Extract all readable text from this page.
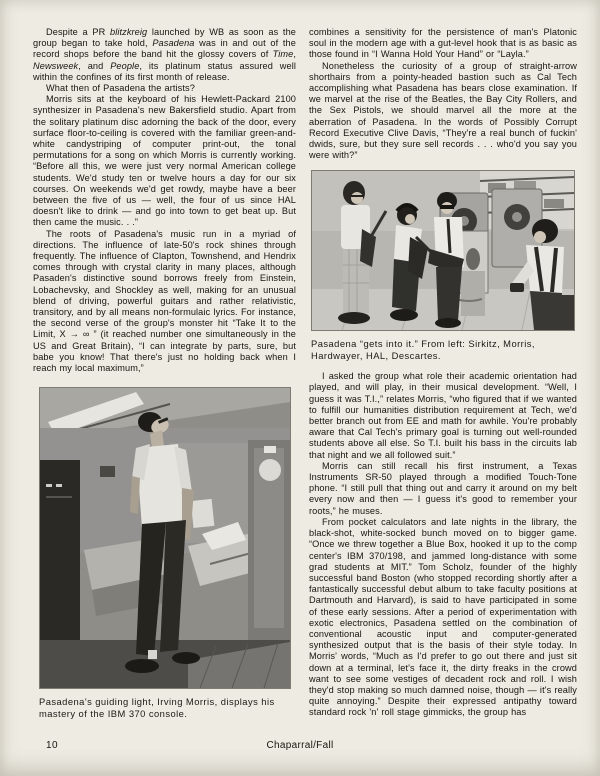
Despite a PR blitzkreig launched by WB as soon as the group began to take hold, Pasadena was in and out of the record shops before the band hit the glossy covers of Time, Newsweek, and People, its platinum status assured well within the confines of its first month of release.

What then of Pasadena the artists?

Morris sits at the keyboard of his Hewlett-Packard 2100 synthesizer in Pasadena's new Bakersfield studio. Apart from the solitary platinum disc adorning the back of the door, every surface floor-to-ceiling is covered with the familiar green-and-white candystriping of computer print-out, the tonal permutations for a song on which Morris is currently working. “Before all this, we were just very normal American college students. We'd study ten or twelve hours a day for our six courses. On weekends we'd get rowdy, maybe have a beer between the five of us — well, the four of us since HAL doesn't like to drink — and go into town to get beat up. But then came the music. . .”

The roots of Pasadena's music run in a myriad of directions. The influence of late-50's rock shines through frequently. The influence of Clapton, Townshend, and Hendrix comes through with crystal clarity in many places, although Pasaden's distinctive sound borrows freely from Einstein, Lobachevsky, and Shockley as well, making for an unusual blend of driving, powerful guitars and rather relativistic, transitory, and by all means non-formulaic lyrics. For instance, the second verse of the group's monster hit “Take It to the Limit, X → ∞ ” (it reached number one simultaneously in the US and Great Britain), “I can integrate by parts, sure, but babe you know! That there's just no holding back when I reach my local maximum,”

Pasadena's guiding light, Irving Morris, displays his mastery of the IBM 370 console.

combines a sensitivity for the persistence of man's Platonic soul in the modern age with a gut-level hook that is as basic as those found in “I Wanna Hold Your Hand” or “Layla.”

Nonetheless the curiosity of a group of straight-arrow shorthairs from a pointy-headed bastion such as Cal Tech accomplishing what Pasadena has bears close examination. If we marvel at the rise of the Beatles, the Bay City Rollers, and the Sex Pistols, we should marvel all the more at the aberration of Pasadena. In the words of Possibly Corrupt Record Executive Clive Davis, “They're a real bunch of fuckin' dwids, sure, but they sure sell records . . . who'd you say you were with?”

Pasadena “gets into it.” From left: Sirkitz, Morris, Hardwayer, HAL, Descartes.

I asked the group what role their academic orientation had played, and will play, in their musical development. “Well, I guess it was T.I.,” relates Morris, “who figured that if we wanted to fulfill our humanities distribution requirement at Tech, we'd better branch out from EE and math for awhile. You're probably aware that Cal Tech's primary goal is turning out well-rounded students above all else. So T.I. built his bass in the circuits lab that night and we all followed suit.”

Morris can still recall his first instrument, a Texas Instruments SR-50 played through a modified Touch-Tone phone. “I still pull that thing out and carry it around on my belt every now and then — I guess it's good to remember your roots,” he muses.

From pocket calculators and late nights in the library, the black-shot, white-socked bunch moved on to bigger game. “Once we threw together a Blue Box, hooked it up to the comp center's IBM 370/198, and jammed long-distance with some grad students at MIT.” Tom Scholz, founder of the highly successful band Boston (who stopped recording shortly after a fantastically successful debut album to take faculty positions at Dartmouth and Harvard), is said to have participated in some of these early sessions. After a period of experimentation with exotic electronics, Pasadena settled on the combination of conventional acoustic input and computer-generated synthesized output that is the basis of their style today. In Morris' words, “Much as I'd prefer to go out there and just sit down at a terminal, let's face it, the dirty freaks in the crowd want to see some vestiges of decadent rock and roll. I wish they'd stop making so much damned noise, though — it's really quite annoying.” Despite their expressed antipathy toward standard rock 'n' roll stage gimmicks, the group has

10	Chaparral/Fall
